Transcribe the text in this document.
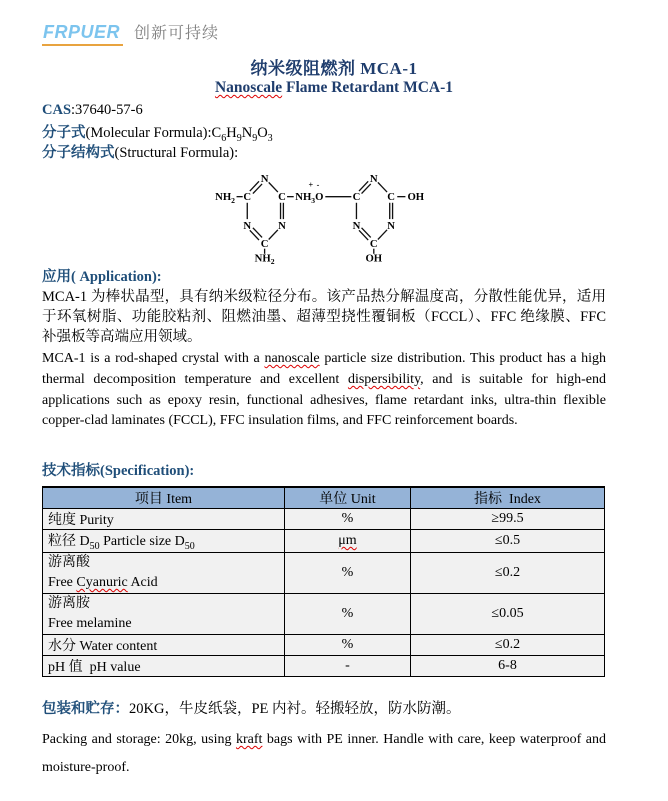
FRPUER 创新可持续
纳米级阻燃剂 MCA-1
Nanoscale Flame Retardant MCA-1
CAS:37640-57-6
分子式(Molecular $Formula):C_6H_9N_9O_3$
分子结构式(Structural Formula):
N
C	C
N	N
C
$NH_2$
$NH_2$
$NH_3O$
+ -
C
N
C
N	N
C
OH
OH
应用( Application):

MCA-1 为棒状晶型，具有纳米级粒径分布。该产品热分解温度高，分散性能优异，适用于环氧树脂、功能胶粘剂、阻燃油墨、超薄型挠性覆铜板（FCCL）、FFC 绝缘膜、FFC 补强板等高端应用领域。

MCA-1 is a rod-shaped crystal with a nanoscale particle size distribution. This product has a high thermal decomposition temperature and excellent dispersibility, and is suitable for high-end applications such as epoxy resin, functional adhesives, flame retardant inks, ultra-thin flexible copper-clad laminates (FCCL), FFC insulation films, and FFC reinforcement boards.

技术指标(Specification):
项目 Item	单位 Unit	指标  Index
纯度 Purity	%	≥99.5
粒径 $D_{50}$ Particle size $D_{50}$	μm	≤0.5

游离酸
Free Cyanuric Acid	%	≤0.2

游离胺
Free melamine	%	≤0.05
水分 Water content	%	≤0.2
pH 值  pH value	-	6-8
包装和贮存：20KG，牛皮纸袋，PE 内衬。轻搬轻放，防水防潮。

Packing and storage: 20kg, using kraft bags with PE inner. Handle with care, keep waterproof and moisture-proof.
